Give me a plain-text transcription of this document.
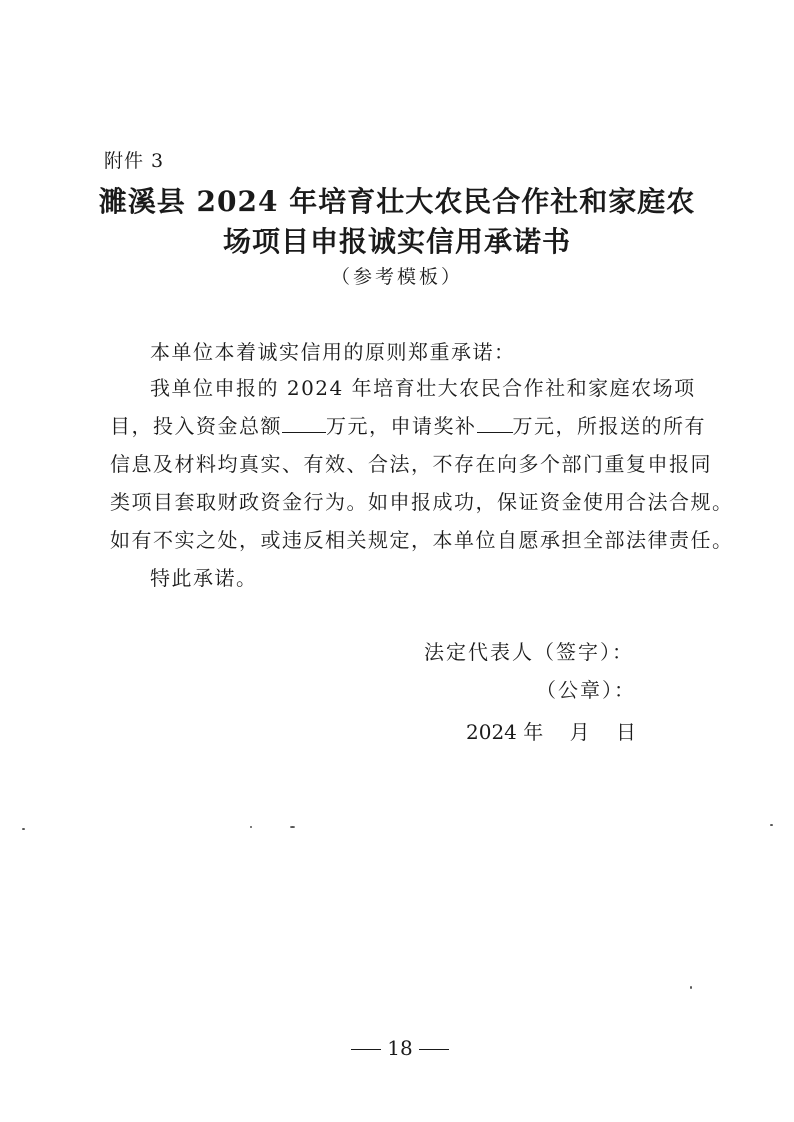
附件 3
濉溪县 2024 年培育壮大农民合作社和家庭农
场项目申报诚实信用承诺书
（参考模板）
本单位本着诚实信用的原则郑重承诺：
我单位申报的 2024 年培育壮大农民合作社和家庭农场项
目，投入资金总额 万元，申请奖补 万元，所报送的所有
信息及材料均真实、有效、合法，不存在向多个部门重复申报同
类项目套取财政资金行为。如申报成功，保证资金使用合法合规。
如有不实之处，或违反相关规定，本单位自愿承担全部法律责任。
特此承诺。
法定代表人（签字）：
（公章）：
2024 年 月 日
18
